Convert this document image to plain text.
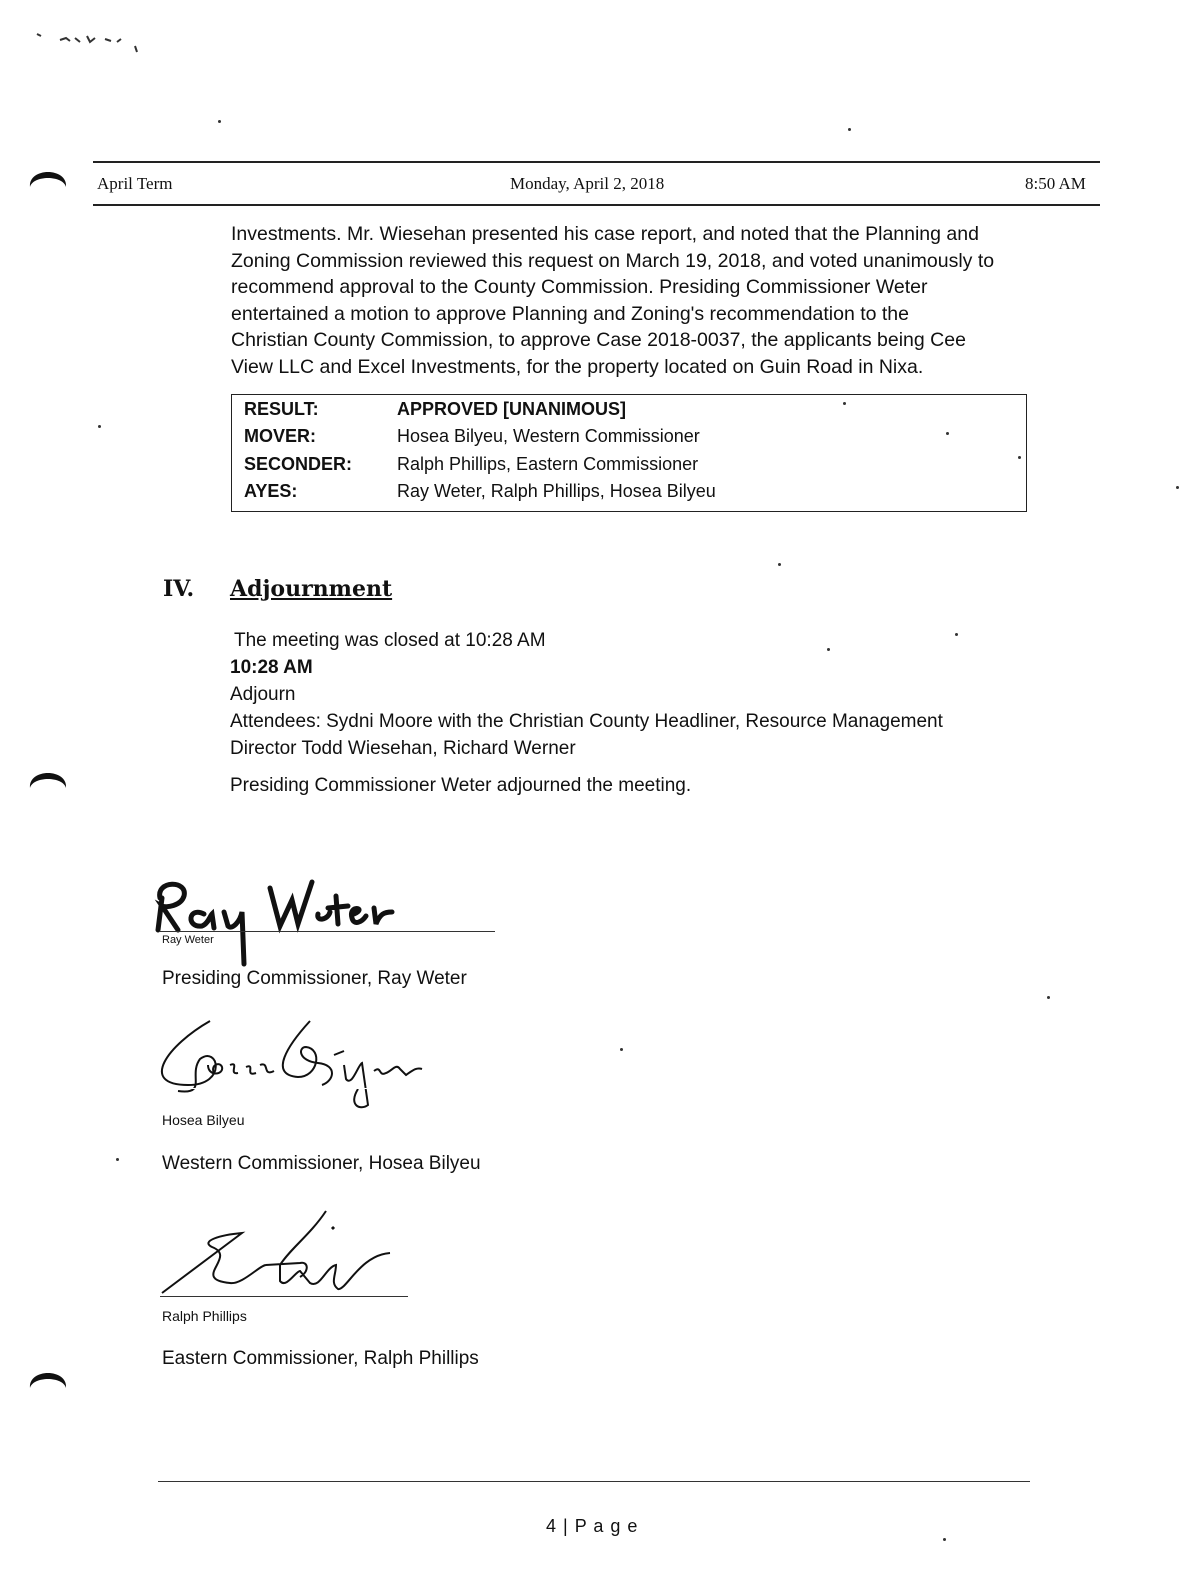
April Term	Monday, April 2, 2018	8:50 AM
Investments. Mr. Wiesehan presented his case report, and noted that the Planning and
Zoning Commission reviewed this request on March 19, 2018, and voted unanimously to
recommend approval to the County Commission. Presiding Commissioner Weter
entertained a motion to approve Planning and Zoning's recommendation to the
Christian County Commission, to approve Case 2018-0037, the applicants being Cee
View LLC and Excel Investments, for the property located on Guin Road in Nixa.
RESULT:	APPROVED [UNANIMOUS]
MOVER:	Hosea Bilyeu, Western Commissioner
SECONDER: Ralph Phillips, Eastern Commissioner
AYES:	Ray Weter, Ralph Phillips, Hosea Bilyeu
IV. Adjournment
The meeting was closed at 10:28 AM
10:28 AM
Adjourn
Attendees: Sydni Moore with the Christian County Headliner, Resource Management
Director Todd Wiesehan, Richard Werner
Presiding Commissioner Weter adjourned the meeting.
Ray Weter
Presiding Commissioner, Ray Weter
Hosea Bilyeu
Western Commissioner, Hosea Bilyeu
Ralph Phillips
Eastern Commissioner, Ralph Phillips
4 | P a g e
